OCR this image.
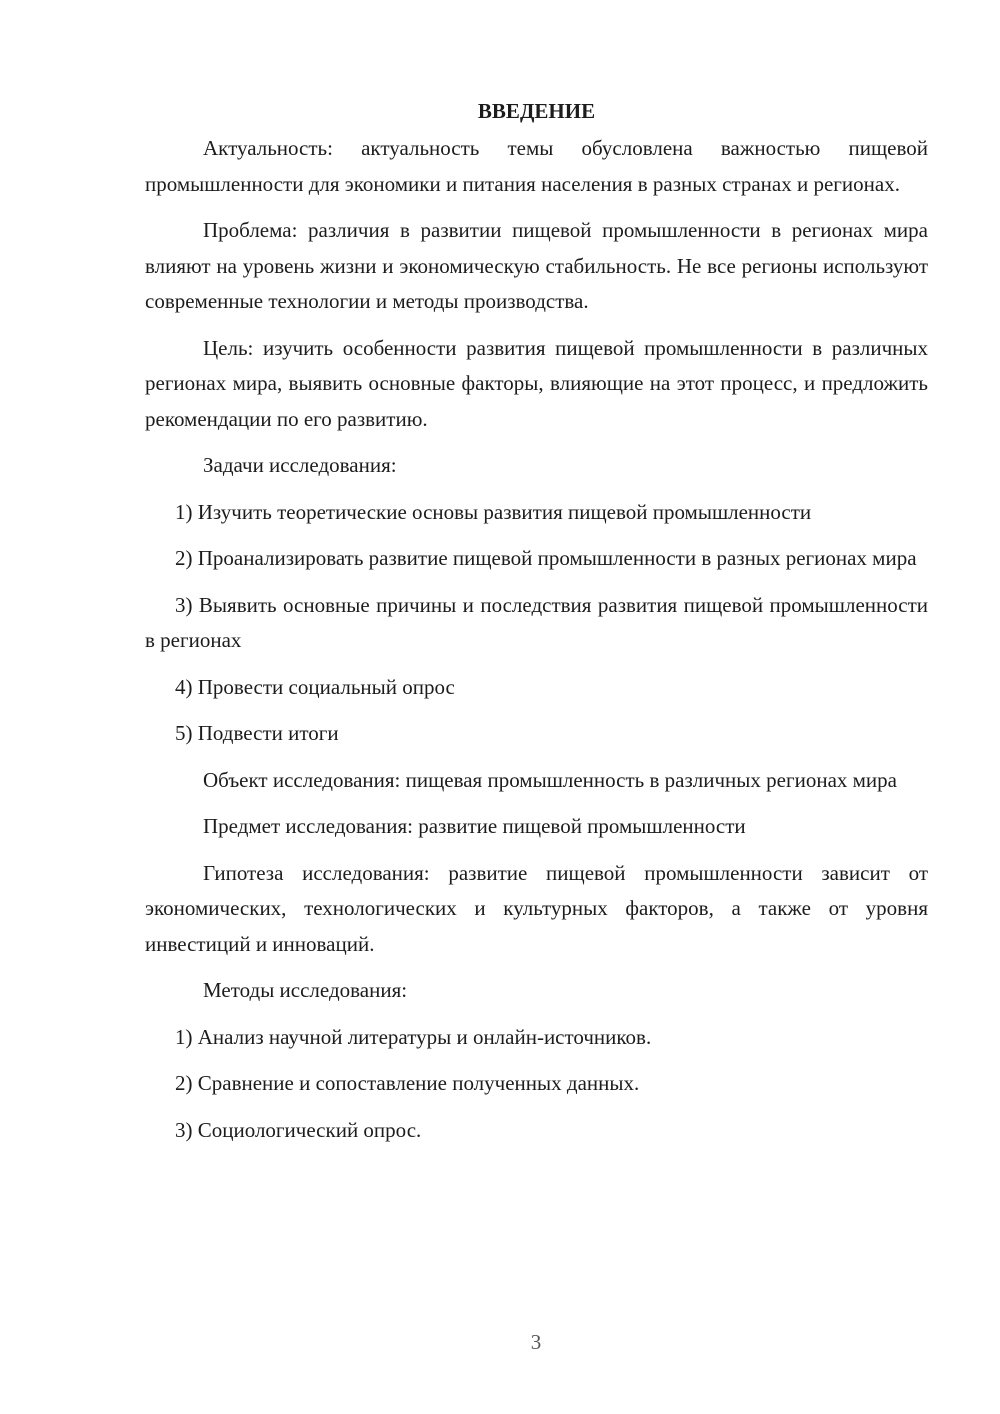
ВВЕДЕНИЕ

Актуальность: актуальность темы обусловлена важностью пищевой промышленности для экономики и питания населения в разных странах и регионах.

Проблема: различия в развитии пищевой промышленности в регионах мира влияют на уровень жизни и экономическую стабильность. Не все регионы используют современные технологии и методы производства.

Цель: изучить особенности развития пищевой промышленности в различных регионах мира, выявить основные факторы, влияющие на этот процесс, и предложить рекомендации по его развитию.

Задачи исследования:

1) Изучить теоретические основы развития пищевой промышленности

2) Проанализировать развитие пищевой промышленности в разных регионах мира

3) Выявить основные причины и последствия развития пищевой промышленности в регионах

4) Провести социальный опрос

5) Подвести итоги

Объект исследования: пищевая промышленность в различных регионах мира

Предмет исследования: развитие пищевой промышленности

Гипотеза исследования: развитие пищевой промышленности зависит от экономических, технологических и культурных факторов, а также от уровня инвестиций и инноваций.

Методы исследования:

1) Анализ научной литературы и онлайн-источников.

2) Сравнение и сопоставление полученных данных.

3) Социологический опрос.

3
